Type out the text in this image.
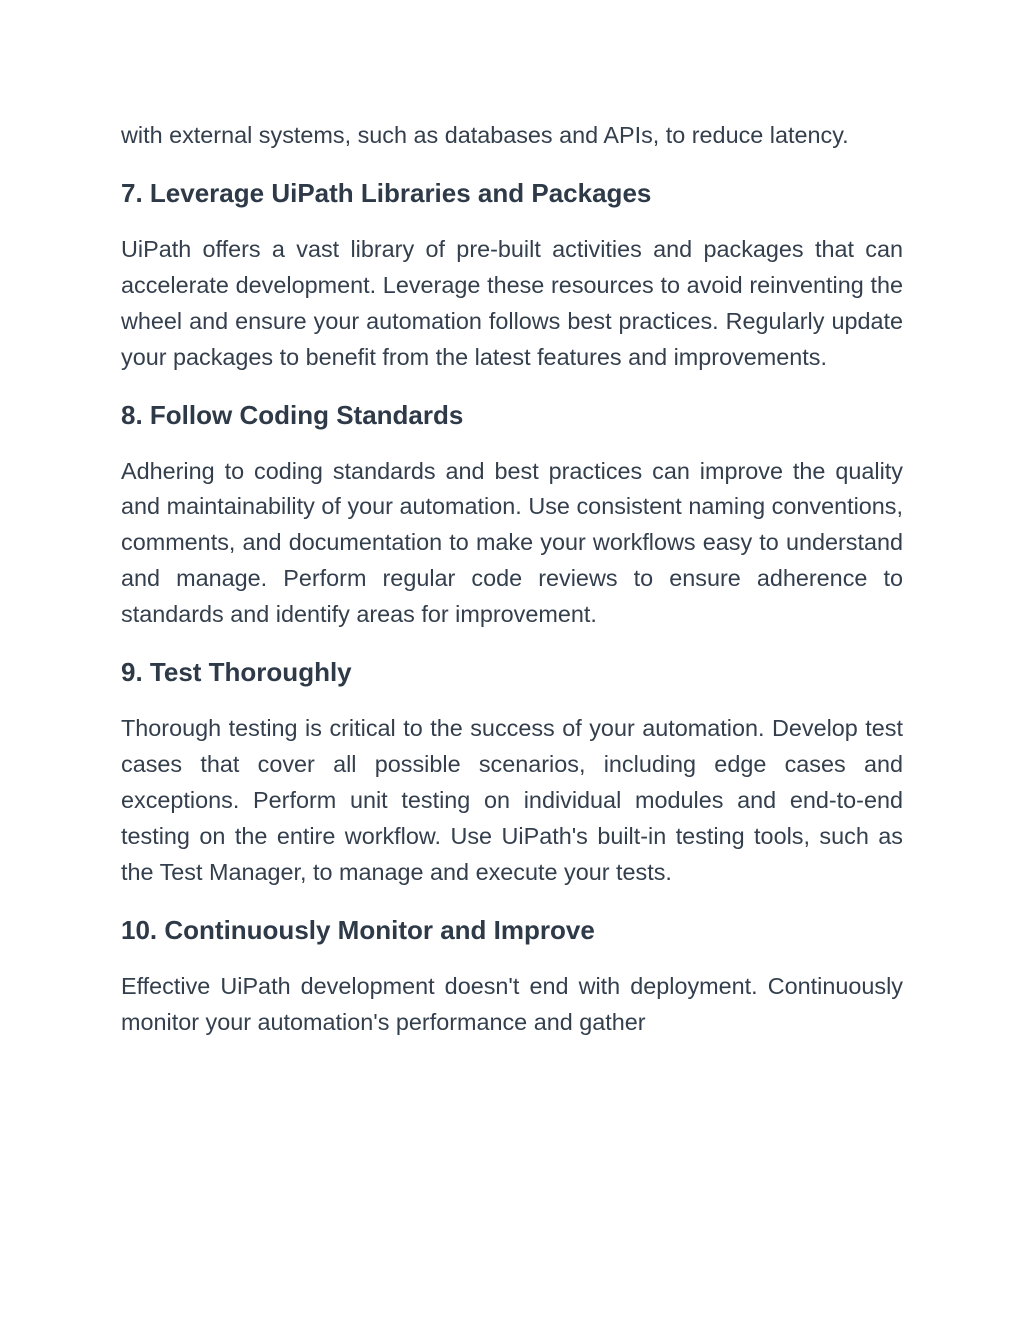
with external systems, such as databases and APIs, to reduce latency.

7. Leverage UiPath Libraries and Packages

UiPath offers a vast library of pre-built activities and packages that can accelerate development. Leverage these resources to avoid reinventing the wheel and ensure your automation follows best practices. Regularly update your packages to benefit from the latest features and improvements.

8. Follow Coding Standards

Adhering to coding standards and best practices can improve the quality and maintainability of your automation. Use consistent naming conventions, comments, and documentation to make your workflows easy to understand and manage. Perform regular code reviews to ensure adherence to standards and identify areas for improvement.

9. Test Thoroughly

Thorough testing is critical to the success of your automation. Develop test cases that cover all possible scenarios, including edge cases and exceptions. Perform unit testing on individual modules and end-to-end testing on the entire workflow. Use UiPath's built-in testing tools, such as the Test Manager, to manage and execute your tests.

10. Continuously Monitor and Improve

Effective UiPath development doesn't end with deployment. Continuously monitor your automation's performance and gather
